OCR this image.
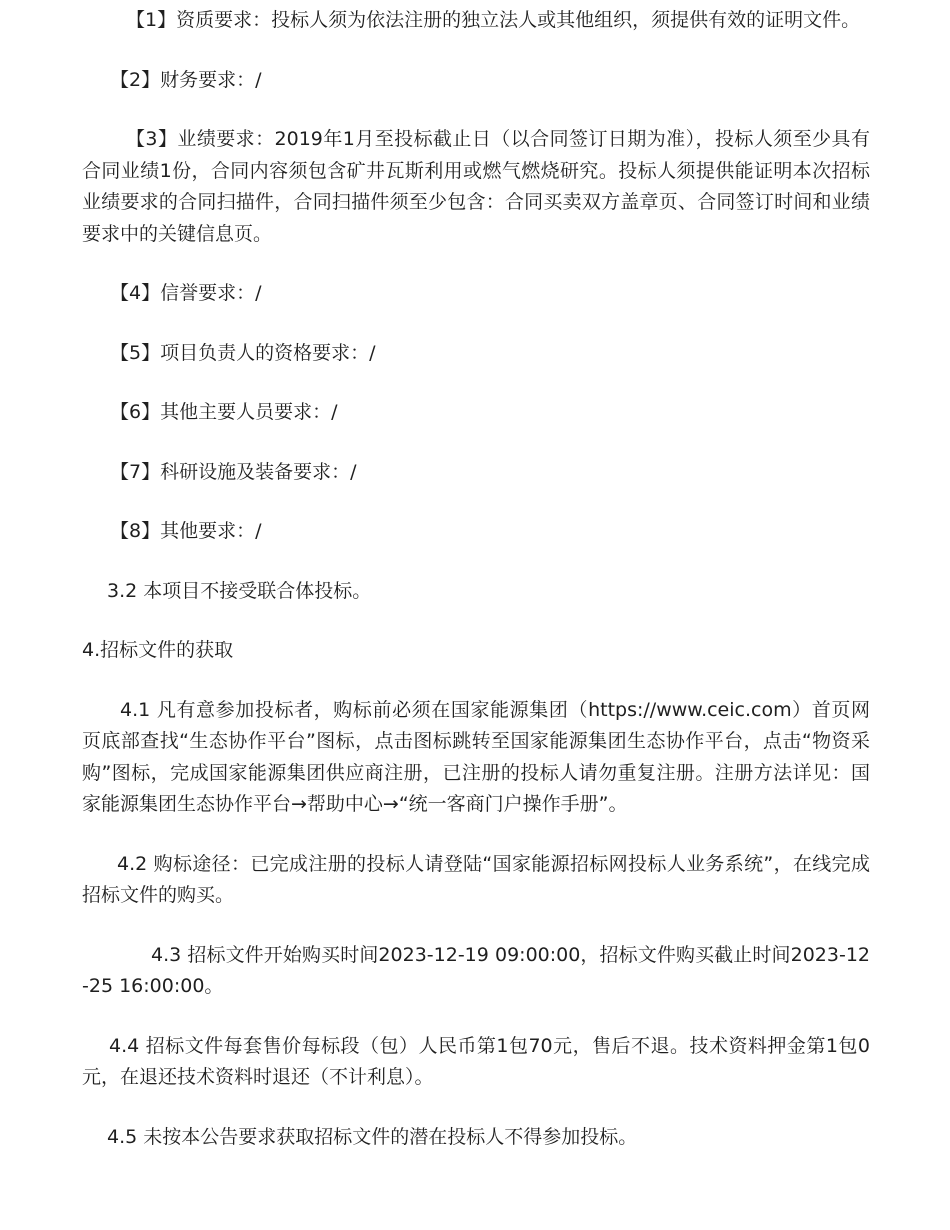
【1】资质要求：投标人须为依法注册的独立法人或其他组织，须提供有效的证明文件。

【2】财务要求：/

【3】业绩要求：2019年1月至投标截止日（以合同签订日期为准），投标人须至少具有合同业绩1份，合同内容须包含矿井瓦斯利用或燃气燃烧研究。投标人须提供能证明本次招标业绩要求的合同扫描件，合同扫描件须至少包含：合同买卖双方盖章页、合同签订时间和业绩要求中的关键信息页。

【4】信誉要求：/

【5】项目负责人的资格要求：/

【6】其他主要人员要求：/

【7】科研设施及装备要求：/

【8】其他要求：/

3.2 本项目不接受联合体投标。

4.招标文件的获取

4.1 凡有意参加投标者，购标前必须在国家能源集团（https://www.ceic.com）首页网页底部查找“生态协作平台”图标，点击图标跳转至国家能源集团生态协作平台，点击“物资采购”图标，完成国家能源集团供应商注册，已注册的投标人请勿重复注册。注册方法详见：国家能源集团生态协作平台→帮助中心→“统一客商门户操作手册”。

4.2 购标途径：已完成注册的投标人请登陆“国家能源招标网投标人业务系统”，在线完成招标文件的购买。

4.3 招标文件开始购买时间2023-12-19 09:00:00，招标文件购买截止时间2023-12-25 16:00:00。

4.4 招标文件每套售价每标段（包）人民币第1包70元，售后不退。技术资料押金第1包0元，在退还技术资料时退还（不计利息）。

4.5 未按本公告要求获取招标文件的潜在投标人不得参加投标。
